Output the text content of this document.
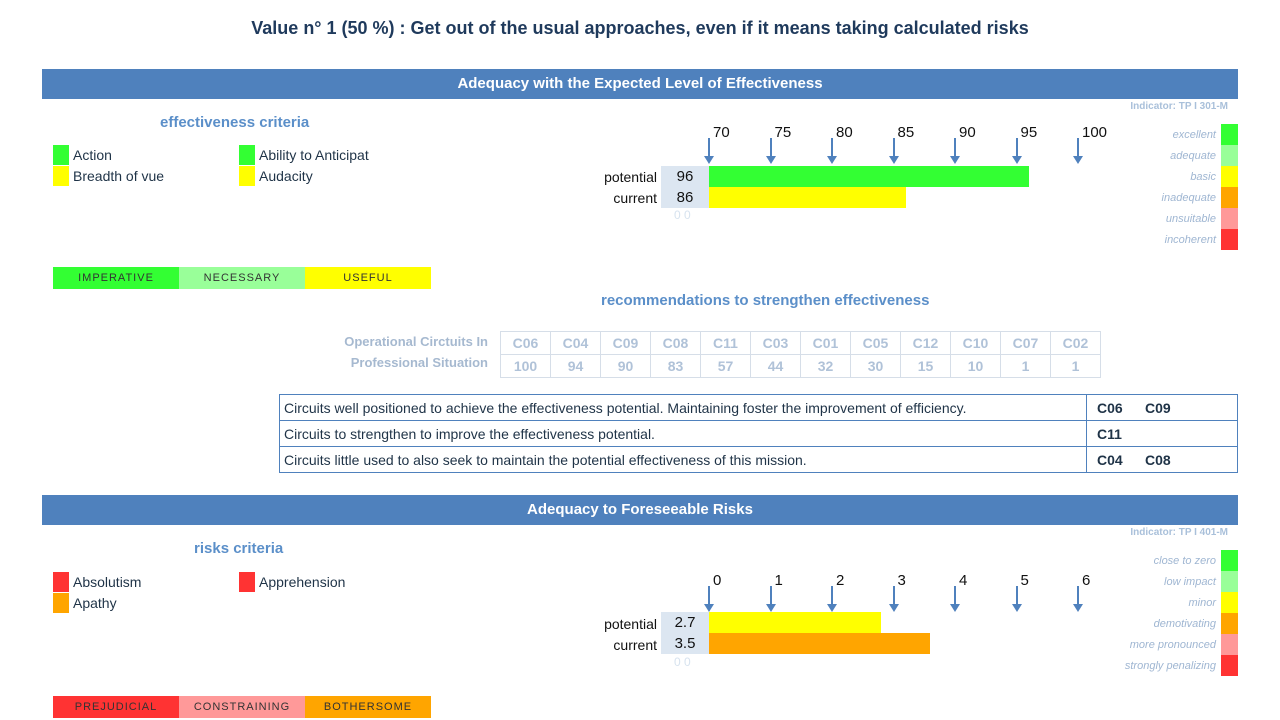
Value n° 1 (50 %) : Get out of the usual approaches, even if it means taking calculated risks
Adequacy with the Expected Level of Effectiveness
Indicator: TP I 301-M
effectiveness criteria
Action	Ability to Anticipat
Breadth of vue	Audacity
IMPERATIVE	NECESSARY	USEFUL
70	75	80	85	90	95	100
potential	96
current	86
0 0
excellent
adequate
basic
inadequate
unsuitable
incoherent
recommendations to strengthen effectiveness
Operational Circtuits In
Professional Situation
C06	C04	C09	C08	C11	C03	C01	C05	C12	C10	C07	C02
100	94	90	83	57	44	32	30	15	10	1	1
Circuits well positioned to achieve the effectiveness potential. Maintaining foster the improvement of efficiency.	C06 C09
Circuits to strengthen to improve the effectiveness potential.	C11
Circuits little used to also seek to maintain the potential effectiveness of this mission.	C04 C08
Adequacy to Foreseeable Risks
Indicator: TP I 401-M
risks criteria
Absolutism	Apprehension
Apathy
PREJUDICIAL	CONSTRAINING	BOTHERSOME
0	1	2	3	4	5	6
potential	2.7
current	3.5
0 0
close to zero
low impact
minor
demotivating
more pronounced
strongly penalizing
